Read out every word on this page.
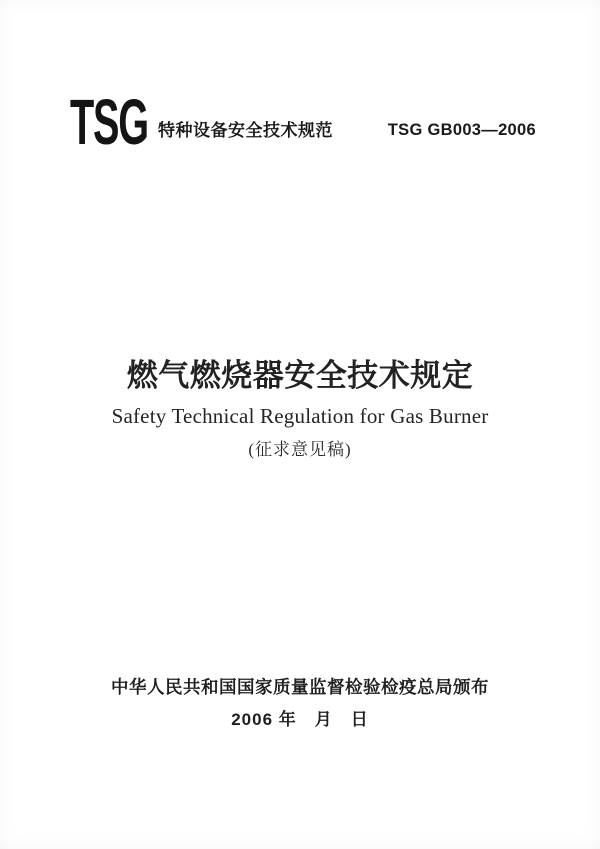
TSG 特种设备安全技术规范	TSG GB003—2006
燃气燃烧器安全技术规定
Safety Technical Regulation for Gas Burner

(征求意见稿)

中华人民共和国国家质量监督检验检疫总局颁布

2006 年　月　日
